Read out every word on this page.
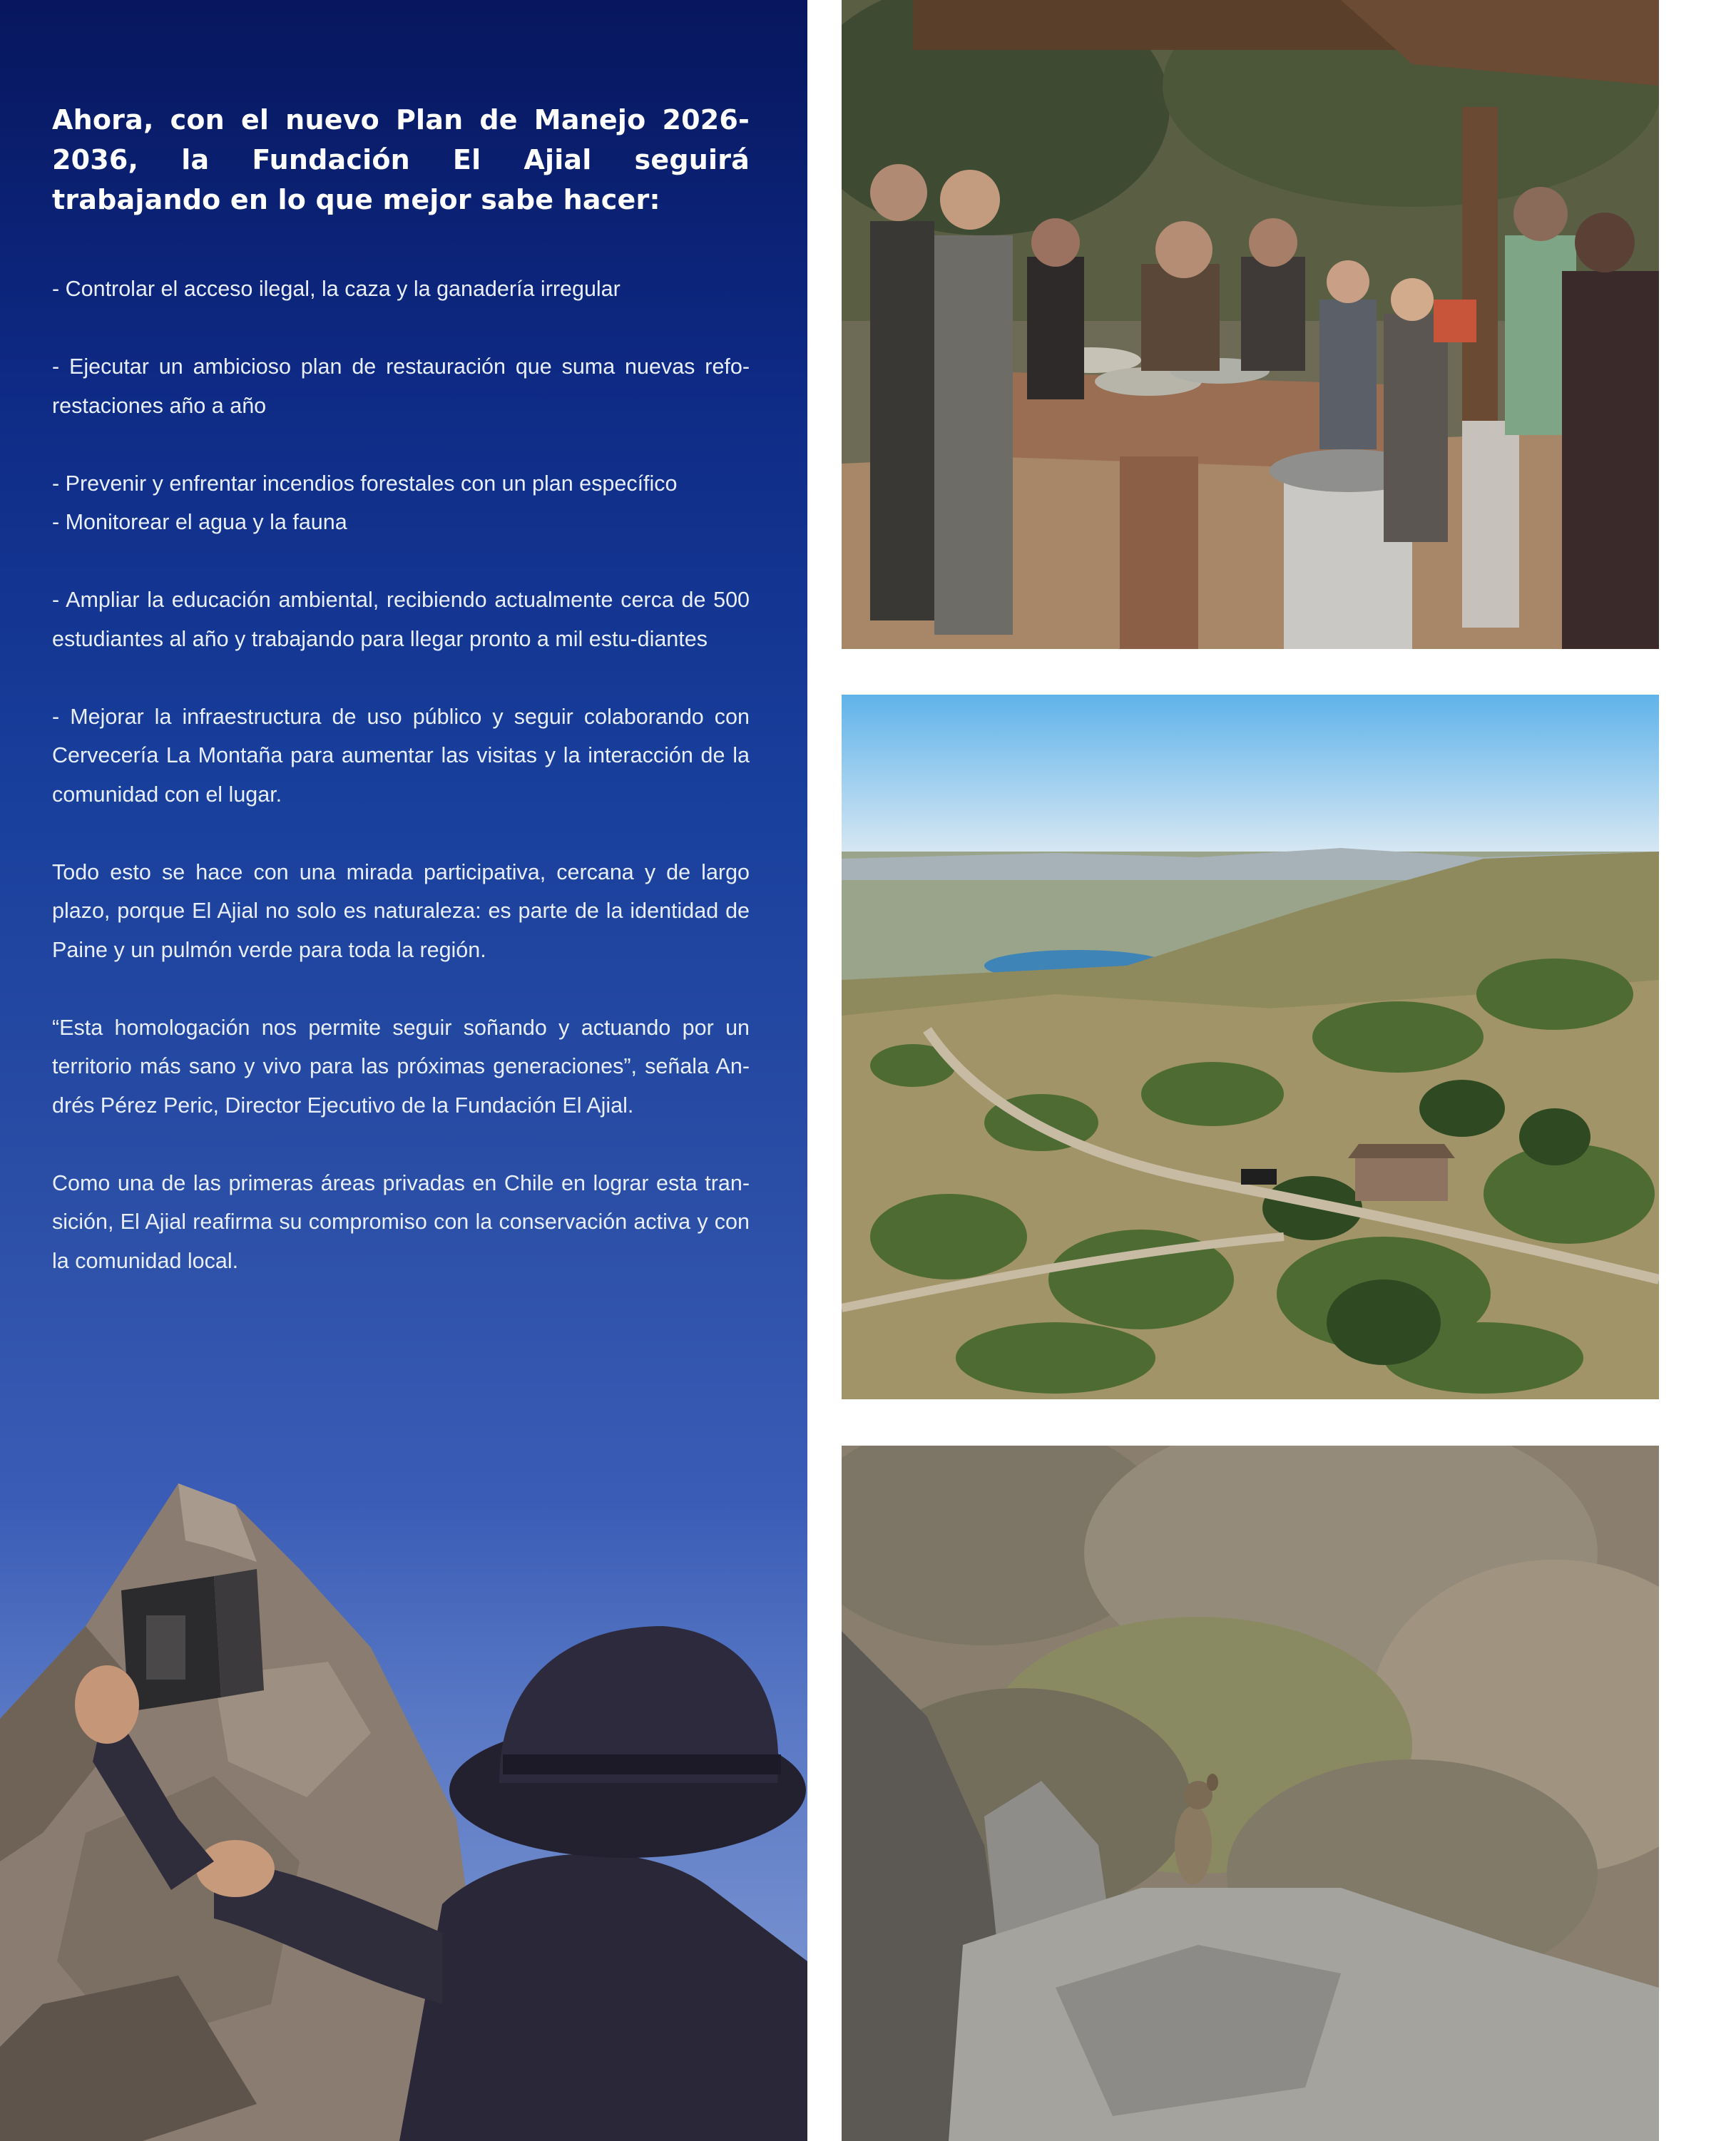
Ahora, con el nuevo Plan de Manejo 2026-2036, la Fundación El Ajial seguirá trabajando en lo que mejor sabe hacer:

- Controlar el acceso ilegal, la caza y la ganadería irregular

- Ejecutar un ambicioso plan de restauración que suma nuevas refo-restaciones año a año

- Prevenir y enfrentar incendios forestales con un plan específico

- Monitorear el agua y la fauna

- Ampliar la educación ambiental, recibiendo actualmente cerca de 500 estudiantes al año y trabajando para llegar pronto a mil estu-diantes

- Mejorar la infraestructura de uso público y seguir colaborando con Cervecería La Montaña para aumentar las visitas y la interacción de la comunidad con el lugar.

Todo esto se hace con una mirada participativa, cercana y de largo plazo, porque El Ajial no solo es naturaleza: es parte de la identidad de Paine y un pulmón verde para toda la región.

“Esta homologación nos permite seguir soñando y actuando por un territorio más sano y vivo para las próximas generaciones”, señala An-drés Pérez Peric, Director Ejecutivo de la Fundación El Ajial.

Como una de las primeras áreas privadas en Chile en lograr esta tran-sición, El Ajial reafirma su compromiso con la conservación activa y con la comunidad local.
